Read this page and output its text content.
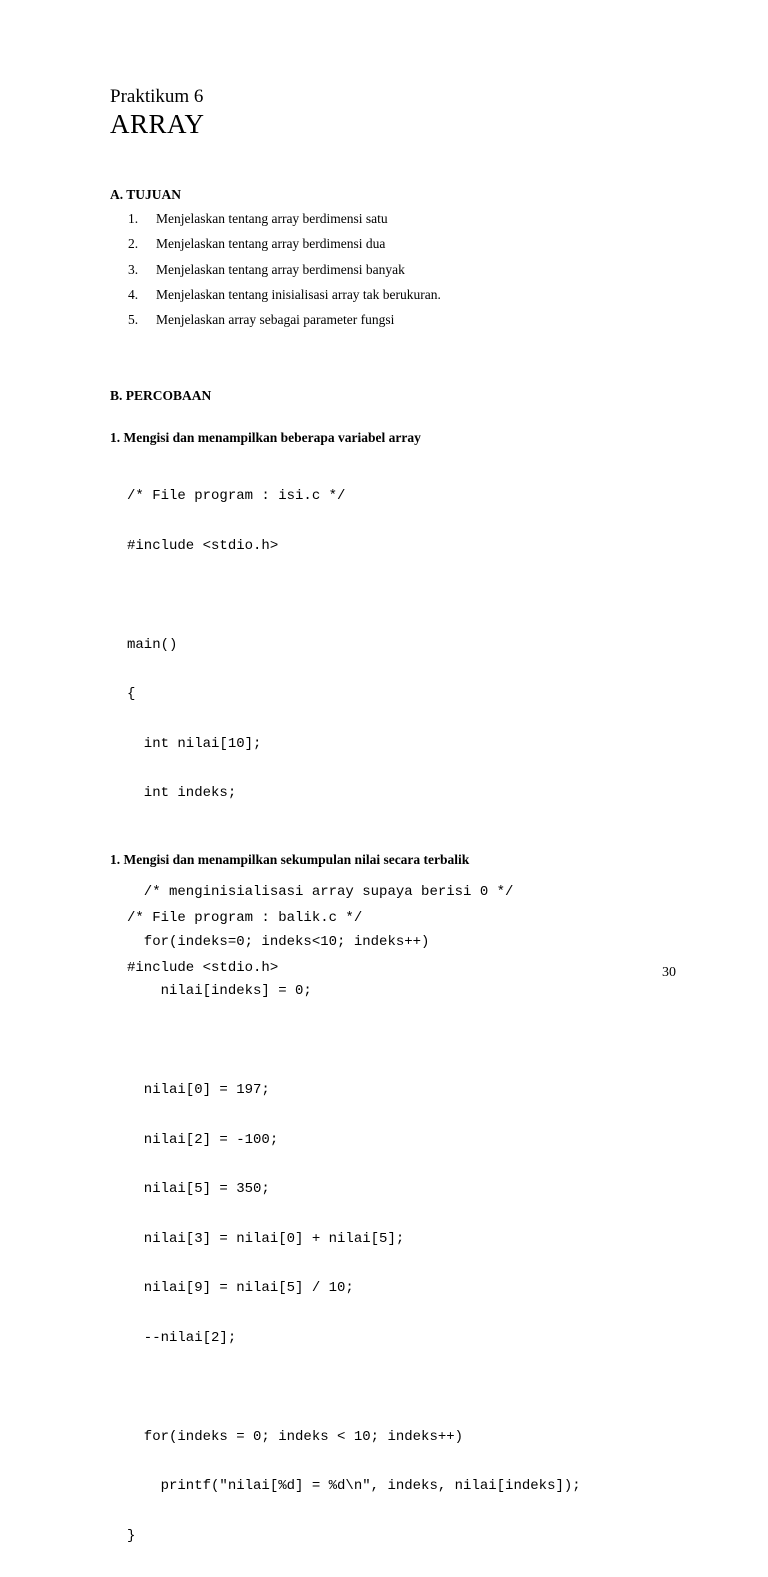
Praktikum 6
ARRAY
A. TUJUAN
1. Menjelaskan tentang array berdimensi satu
2. Menjelaskan tentang array berdimensi dua
3. Menjelaskan tentang array berdimensi banyak
4. Menjelaskan tentang inisialisasi array tak berukuran.
5. Menjelaskan array sebagai parameter fungsi
B. PERCOBAAN
1. Mengisi dan menampilkan beberapa variabel array

/* File program : isi.c */

#include <stdio.h>

main()

{

int nilai[10];

int indeks;

/* menginisialisasi array supaya berisi 0 */

for(indeks=0; indeks<10; indeks++)

nilai[indeks] = 0;

nilai[0] = 197;

nilai[2] = -100;

nilai[5] = 350;

nilai[3] = nilai[0] + nilai[5];

nilai[9] = nilai[5] / 10;

--nilai[2];

for(indeks = 0; indeks < 10; indeks++)

printf("nilai[%d] = %d\n", indeks, nilai[indeks]);

}

1. Mengisi dan menampilkan sekumpulan nilai secara terbalik

/* File program : balik.c */

#include <stdio.h>

	30
